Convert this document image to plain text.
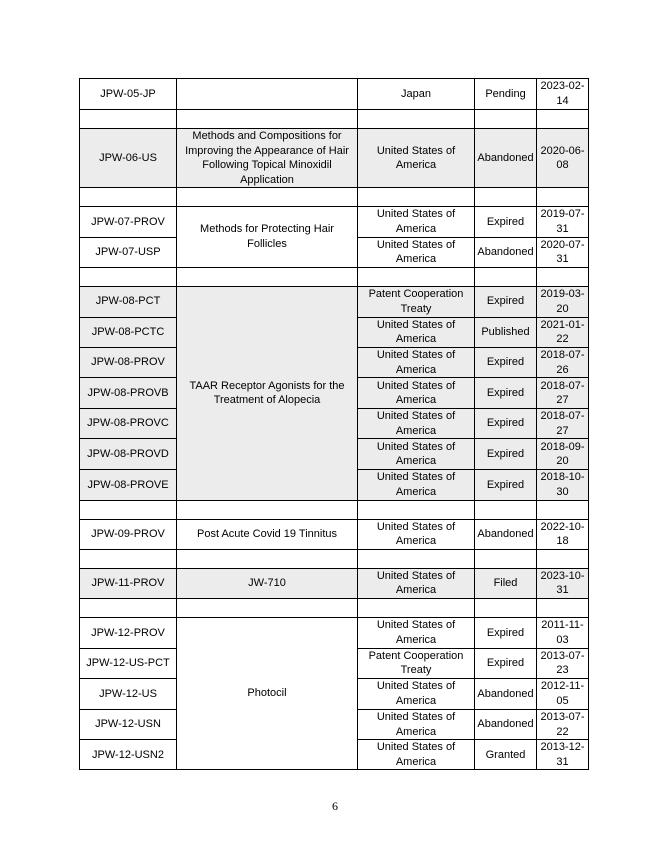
JPW-05-JP		Japan	Pending	2023-02-14

JPW-06-US	Methods and Compositions for Improving the Appearance of Hair Following Topical Minoxidil Application	United States of America	Abandoned	2020-06-08

JPW-07-PROV	Methods for Protecting Hair Follicles	United States of America	Expired	2019-07-31
JPW-07-USP		United States of America	Abandoned	2020-07-31

JPW-08-PCT	TAAR Receptor Agonists for the Treatment of Alopecia	Patent Cooperation Treaty	Expired	2019-03-20
JPW-08-PCTC		United States of America	Published	2021-01-22
JPW-08-PROV		United States of America	Expired	2018-07-26
JPW-08-PROVB		United States of America	Expired	2018-07-27
JPW-08-PROVC		United States of America	Expired	2018-07-27
JPW-08-PROVD		United States of America	Expired	2018-09-20
JPW-08-PROVE		United States of America	Expired	2018-10-30

JPW-09-PROV	Post Acute Covid 19 Tinnitus	United States of America	Abandoned	2022-10-18

JPW-11-PROV	JW-710	United States of America	Filed	2023-10-31

JPW-12-PROV	Photocil	United States of America	Expired	2011-11-03
JPW-12-US-PCT		Patent Cooperation Treaty	Expired	2013-07-23
JPW-12-US		United States of America	Abandoned	2012-11-05
JPW-12-USN		United States of America	Abandoned	2013-07-22
JPW-12-USN2		United States of America	Granted	2013-12-31
6
